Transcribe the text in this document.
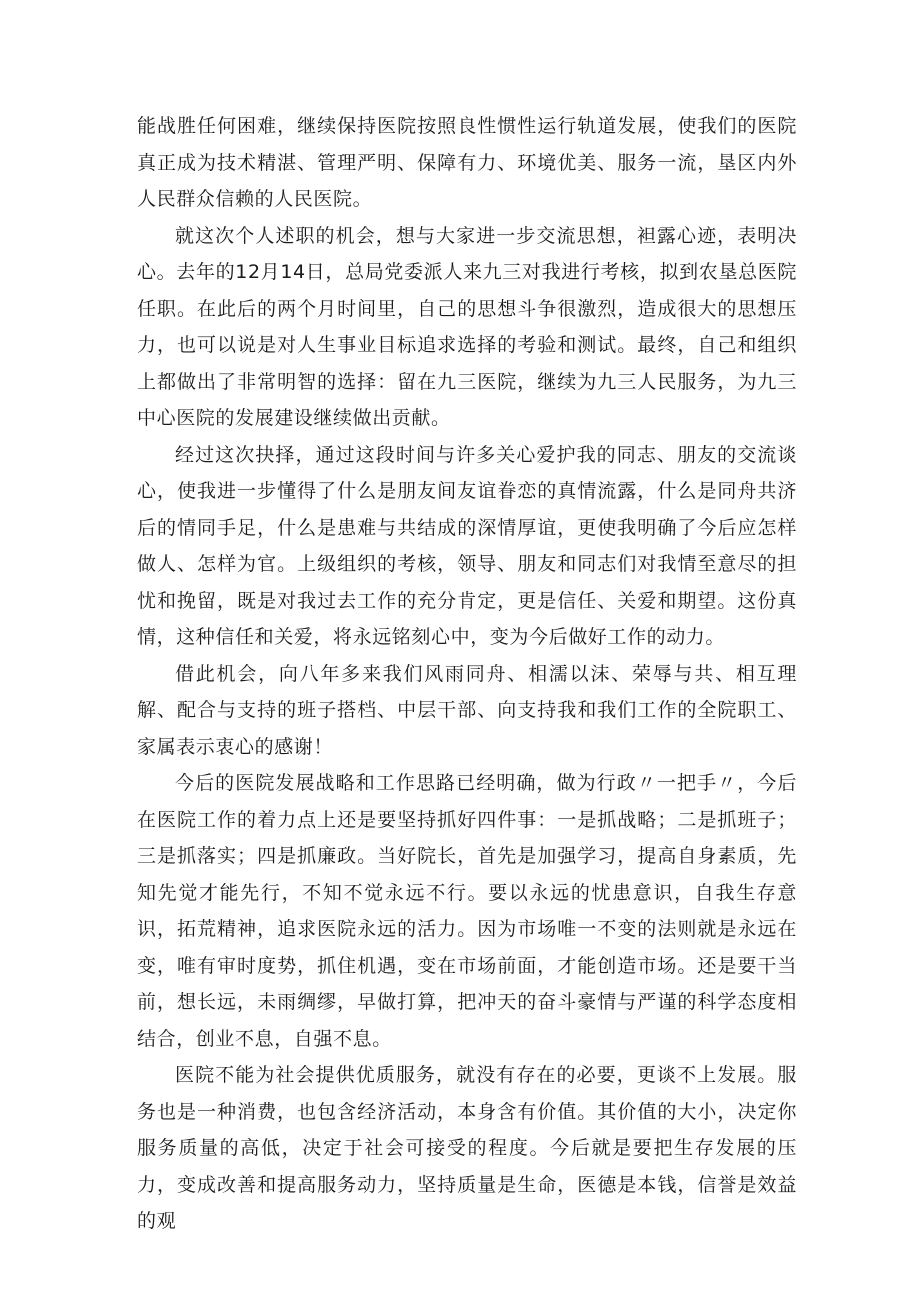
能战胜任何困难，继续保持医院按照良性惯性运行轨道发展，使我们的医院真正成为技术精湛、管理严明、保障有力、环境优美、服务一流，垦区内外人民群众信赖的人民医院。

就这次个人述职的机会，想与大家进一步交流思想，袒露心迹，表明决心。去年的12月14日，总局党委派人来九三对我进行考核，拟到农垦总医院任职。在此后的两个月时间里，自己的思想斗争很激烈，造成很大的思想压力，也可以说是对人生事业目标追求选择的考验和测试。最终，自己和组织上都做出了非常明智的选择：留在九三医院，继续为九三人民服务，为九三中心医院的发展建设继续做出贡献。

经过这次抉择，通过这段时间与许多关心爱护我的同志、朋友的交流谈心，使我进一步懂得了什么是朋友间友谊眷恋的真情流露，什么是同舟共济后的情同手足，什么是患难与共结成的深情厚谊，更使我明确了今后应怎样做人、怎样为官。上级组织的考核，领导、朋友和同志们对我情至意尽的担忧和挽留，既是对我过去工作的充分肯定，更是信任、关爱和期望。这份真情，这种信任和关爱，将永远铭刻心中，变为今后做好工作的动力。

借此机会，向八年多来我们风雨同舟、相濡以沫、荣辱与共、相互理解、配合与支持的班子搭档、中层干部、向支持我和我们工作的全院职工、家属表示衷心的感谢！

今后的医院发展战略和工作思路已经明确，做为行政〃一把手〃，今后在医院工作的着力点上还是要坚持抓好四件事：一是抓战略；二是抓班子；三是抓落实；四是抓廉政。当好院长，首先是加强学习，提高自身素质，先知先觉才能先行，不知不觉永远不行。要以永远的忧患意识，自我生存意识，拓荒精神，追求医院永远的活力。因为市场唯一不变的法则就是永远在变，唯有审时度势，抓住机遇，变在市场前面，才能创造市场。还是要干当前，想长远，未雨绸缪，早做打算，把冲天的奋斗豪情与严谨的科学态度相结合，创业不息，自强不息。

医院不能为社会提供优质服务，就没有存在的必要，更谈不上发展。服务也是一种消费，也包含经济活动，本身含有价值。其价值的大小，决定你服务质量的高低，决定于社会可接受的程度。今后就是要把生存发展的压力，变成改善和提高服务动力，坚持质量是生命，医德是本钱，信誉是效益的观
